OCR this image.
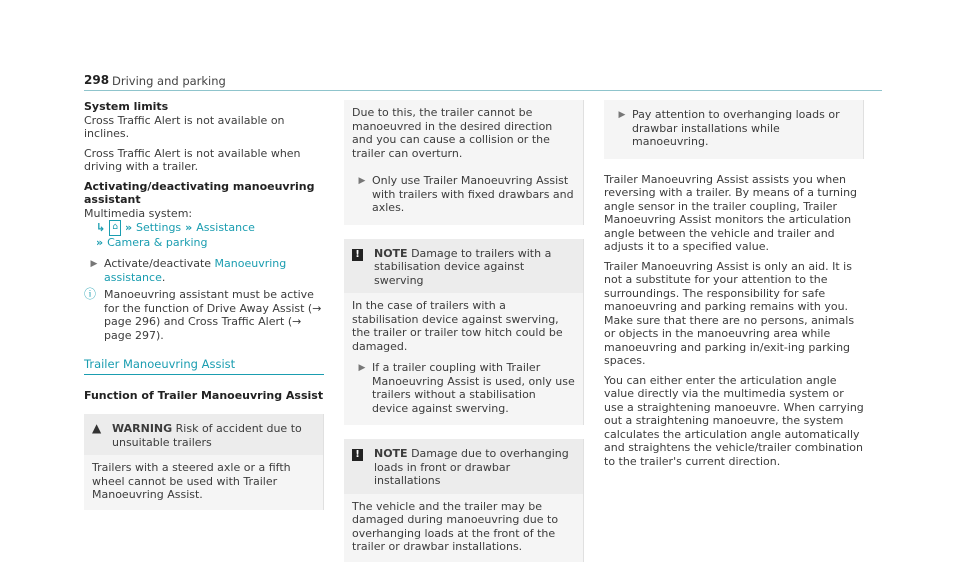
298 Driving and parking
System limits

Cross Traffic Alert is not available on inclines.

Cross Traffic Alert is not available when driving with a trailer.

Activating/deactivating manoeuvring assistant
Multimedia system:
↳ ⌂ » Settings » Assistance
» Camera & parking
▶ Activate/deactivate Manoeuvring assistance.
ⓘ Manoeuvring assistant must be active for the function of Drive Away Assist (→ page 296) and Cross Traffic Alert (→ page 297).
Trailer Manoeuvring Assist
Function of Trailer Manoeuvring Assist
▲ WARNING Risk of accident due to unsuitable trailers
Trailers with a steered axle or a fifth wheel cannot be used with Trailer Manoeuvring Assist.
Due to this, the trailer cannot be manoeuvred in the desired direction and you can cause a collision or the trailer can overturn.
▶ Only use Trailer Manoeuvring Assist with trailers with fixed drawbars and axles.
!	NOTE Damage to trailers with a stabilisation device against swerving
In the case of trailers with a stabilisation device against swerving, the trailer or trailer tow hitch could be damaged.
▶ If a trailer coupling with Trailer Manoeuvring Assist is used, only use trailers without a stabilisation device against swerving.
!	NOTE Damage due to overhanging loads in front or drawbar installations
The vehicle and the trailer may be damaged during manoeuvring due to overhanging loads at the front of the trailer or drawbar installations.
▶ Pay attention to overhanging loads or drawbar installations while manoeuvring.

Trailer Manoeuvring Assist assists you when reversing with a trailer. By means of a turning angle sensor in the trailer coupling, Trailer Manoeuvring Assist monitors the articulation angle between the vehicle and trailer and adjusts it to a specified value.

Trailer Manoeuvring Assist is only an aid. It is not a substitute for your attention to the surroundings. The responsibility for safe manoeuvring and parking remains with you. Make sure that there are no persons, animals or objects in the manoeuvring area while manoeuvring and parking in/exit-ing parking spaces.

You can either enter the articulation angle value directly via the multimedia system or use a straightening manoeuvre. When carrying out a straightening manoeuvre, the system calculates the articulation angle automatically and straightens the vehicle/trailer combination to the trailer's current direction.
